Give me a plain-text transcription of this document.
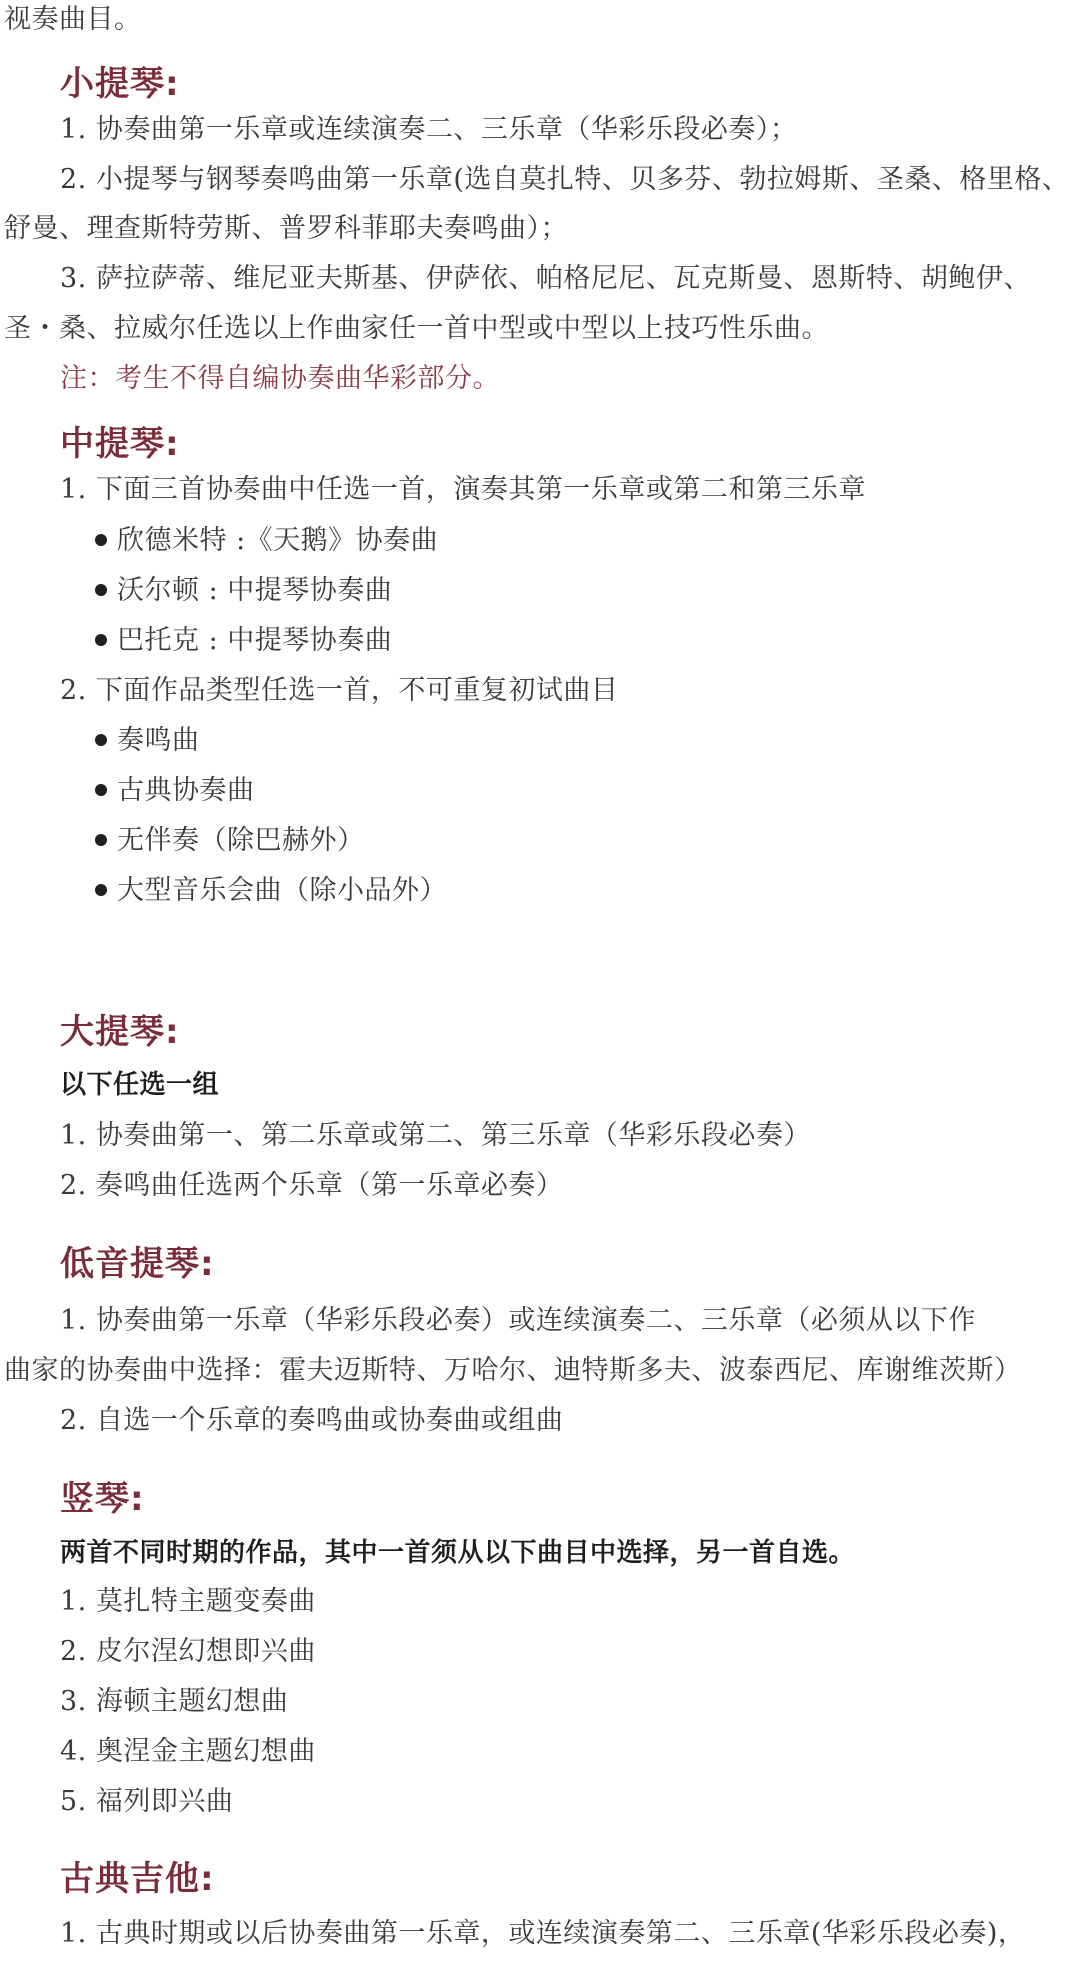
视奏曲目。
小提琴:
1. 协奏曲第一乐章或连续演奏二、三乐章（华彩乐段必奏）；
2. 小提琴与钢琴奏鸣曲第一乐章(选自莫扎特、贝多芬、勃拉姆斯、圣桑、格里格、
舒曼、理查斯特劳斯、普罗科菲耶夫奏鸣曲）；
3. 萨拉萨蒂、维尼亚夫斯基、伊萨依、帕格尼尼、瓦克斯曼、恩斯特、胡鲍伊、
圣・桑、拉威尔任选以上作曲家任一首中型或中型以上技巧性乐曲。
注：考生不得自编协奏曲华彩部分。
中提琴:
1. 下面三首协奏曲中任选一首，演奏其第一乐章或第二和第三乐章
欣德米特 :《天鹅》协奏曲
沃尔顿 : 中提琴协奏曲
巴托克 : 中提琴协奏曲
2. 下面作品类型任选一首，不可重复初试曲目
奏鸣曲
古典协奏曲
无伴奏（除巴赫外）
大型音乐会曲（除小品外）
大提琴:
以下任选一组
1. 协奏曲第一、第二乐章或第二、第三乐章（华彩乐段必奏）
2. 奏鸣曲任选两个乐章（第一乐章必奏）
低音提琴:
1. 协奏曲第一乐章（华彩乐段必奏）或连续演奏二、三乐章（必须从以下作
曲家的协奏曲中选择：霍夫迈斯特、万哈尔、迪特斯多夫、波泰西尼、库谢维茨斯）
2. 自选一个乐章的奏鸣曲或协奏曲或组曲
竖琴:
两首不同时期的作品，其中一首须从以下曲目中选择，另一首自选。
1. 莫扎特主题变奏曲
2. 皮尔涅幻想即兴曲
3. 海顿主题幻想曲
4. 奥涅金主题幻想曲
5. 福列即兴曲
古典吉他:
1. 古典时期或以后协奏曲第一乐章，或连续演奏第二、三乐章(华彩乐段必奏)，
